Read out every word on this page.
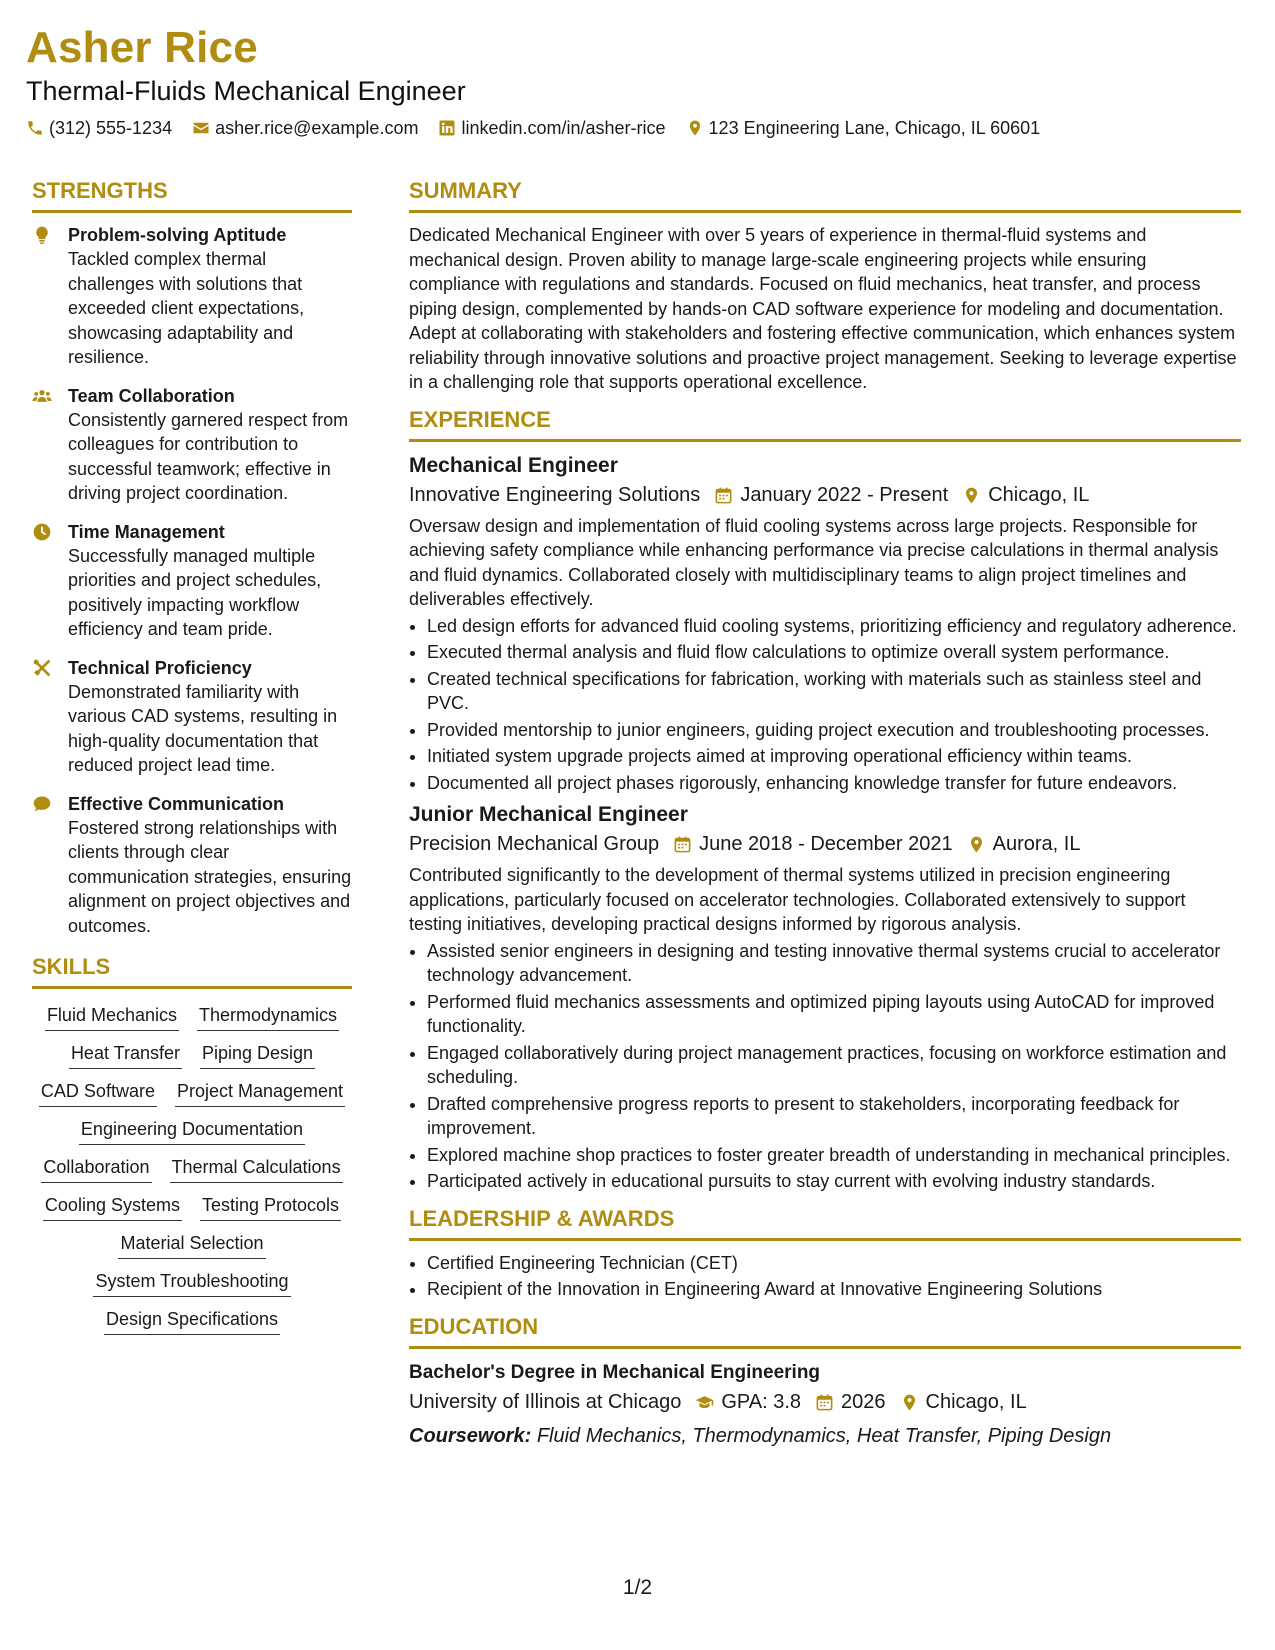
Asher Rice
Thermal-Fluids Mechanical Engineer
(312) 555-1234 asher.rice@example.com linkedin.com/in/asher-rice 123 Engineering Lane, Chicago, IL 60601
STRENGTHS
Problem-solving Aptitude
Tackled complex thermal challenges with solutions that exceeded client expectations, showcasing adaptability and resilience.
Team Collaboration
Consistently garnered respect from colleagues for contribution to successful teamwork; effective in driving project coordination.
Time Management
Successfully managed multiple priorities and project schedules, positively impacting workflow efficiency and team pride.
Technical Proficiency
Demonstrated familiarity with various CAD systems, resulting in high-quality documentation that reduced project lead time.
Effective Communication
Fostered strong relationships with clients through clear communication strategies, ensuring alignment on project objectives and outcomes.
SKILLS
Fluid Mechanics Thermodynamics
Heat Transfer Piping Design
CAD Software Project Management
Engineering Documentation
Collaboration Thermal Calculations
Cooling Systems Testing Protocols
Material Selection
System Troubleshooting
Design Specifications
SUMMARY
Dedicated Mechanical Engineer with over 5 years of experience in thermal-fluid systems and mechanical design. Proven ability to manage large-scale engineering projects while ensuring compliance with regulations and standards. Focused on fluid mechanics, heat transfer, and process piping design, complemented by hands-on CAD software experience for modeling and documentation. Adept at collaborating with stakeholders and fostering effective communication, which enhances system reliability through innovative solutions and proactive project management. Seeking to leverage expertise in a challenging role that supports operational excellence.
EXPERIENCE
Mechanical Engineer
Innovative Engineering Solutions January 2022 - Present Chicago, IL
Oversaw design and implementation of fluid cooling systems across large projects. Responsible for achieving safety compliance while enhancing performance via precise calculations in thermal analysis and fluid dynamics. Collaborated closely with multidisciplinary teams to align project timelines and deliverables effectively.
• Led design efforts for advanced fluid cooling systems, prioritizing efficiency and regulatory adherence.
• Executed thermal analysis and fluid flow calculations to optimize overall system performance.
• Created technical specifications for fabrication, working with materials such as stainless steel and PVC.
• Provided mentorship to junior engineers, guiding project execution and troubleshooting processes.
• Initiated system upgrade projects aimed at improving operational efficiency within teams.
• Documented all project phases rigorously, enhancing knowledge transfer for future endeavors.
Junior Mechanical Engineer
Precision Mechanical Group June 2018 - December 2021 Aurora, IL
Contributed significantly to the development of thermal systems utilized in precision engineering applications, particularly focused on accelerator technologies. Collaborated extensively to support testing initiatives, developing practical designs informed by rigorous analysis.
• Assisted senior engineers in designing and testing innovative thermal systems crucial to accelerator technology advancement.
• Performed fluid mechanics assessments and optimized piping layouts using AutoCAD for improved functionality.
• Engaged collaboratively during project management practices, focusing on workforce estimation and scheduling.
• Drafted comprehensive progress reports to present to stakeholders, incorporating feedback for improvement.
• Explored machine shop practices to foster greater breadth of understanding in mechanical principles.
• Participated actively in educational pursuits to stay current with evolving industry standards.
LEADERSHIP & AWARDS
• Certified Engineering Technician (CET)
• Recipient of the Innovation in Engineering Award at Innovative Engineering Solutions
EDUCATION
Bachelor's Degree in Mechanical Engineering
University of Illinois at Chicago GPA: 3.8 2026 Chicago, IL
Coursework: Fluid Mechanics, Thermodynamics, Heat Transfer, Piping Design
1/2
